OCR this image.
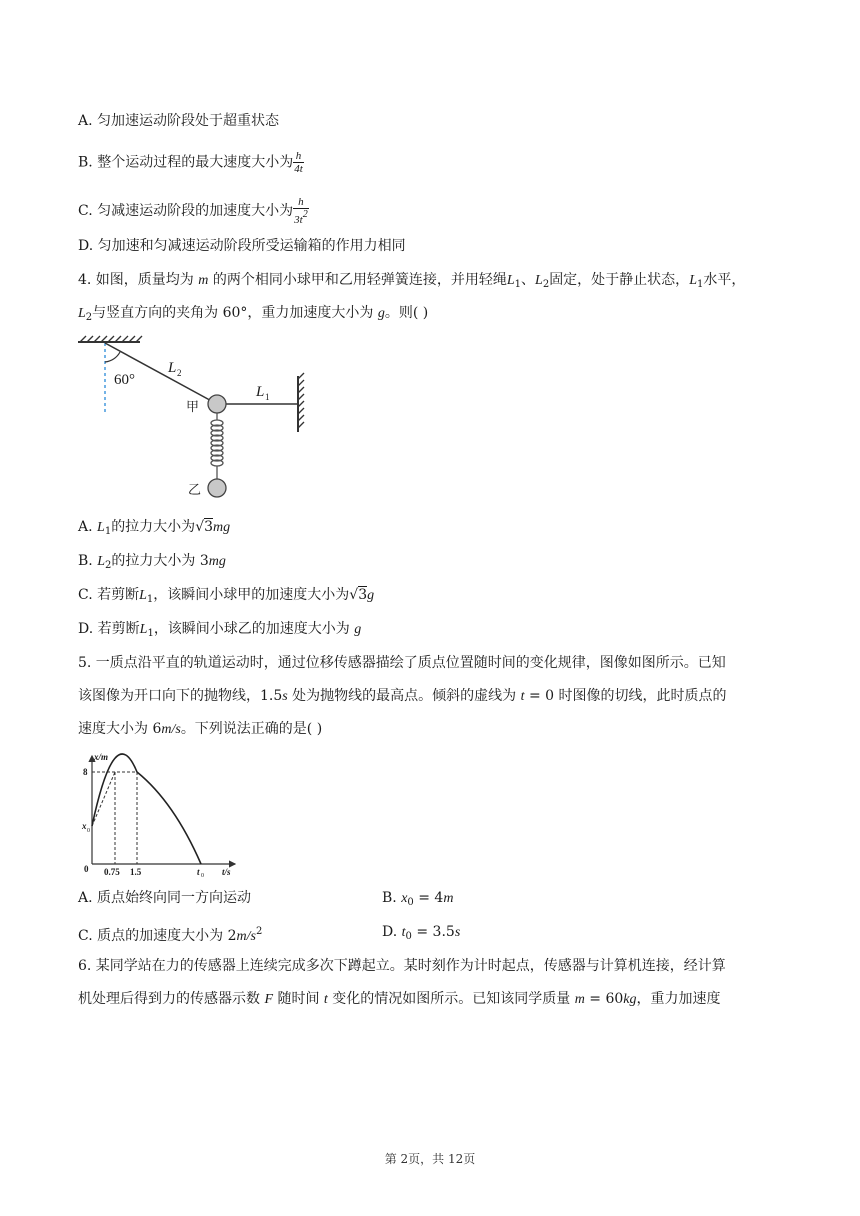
A. 匀加速运动阶段处于超重状态
B. 整个运动过程的最大速度大小为 $\frac{h}{4t}$
C. 匀减速运动阶段的加速度大小为 $\frac{h}{3t2}$
D. 匀加速和匀减速运动阶段所受运输箱的作用力相同
4. 如图，质量均为 m 的两个相同小球甲和乙用轻弹簧连接，并用轻绳$L_1$、$L_2$固定，处于静止状态，$L_1$水平，
$L_2$与竖直方向的夹角为 60°，重力加速度大小为 g。则( )
60°
L 2
L 1
甲
乙
A. $L_1$的拉力大小为√3mg
B. $L_2$的拉力大小为 3mg
C. 若剪断$L_1$，该瞬间小球甲的加速度大小为√3g
D. 若剪断$L_1$，该瞬间小球乙的加速度大小为 g
5. 一质点沿平直的轨道运动时，通过位移传感器描绘了质点位置随时间的变化规律，图像如图所示。已知
该图像为开口向下的抛物线，1.5s 处为抛物线的最高点。倾斜的虚线为 t = 0 时图像的切线，此时质点的
速度大小为 6m/s。下列说法正确的是( )
x/m
t/s
8
x 0
0 0.75 1.5	t 0
A. 质点始终向同一方向运动	B. $x_0 = 4m$
C. 质点的加速度大小为 $2m/s^2$	D. $t_0 = 3.5s$
6. 某同学站在力的传感器上连续完成多次下蹲起立。某时刻作为计时起点，传感器与计算机连接，经计算
机处理后得到力的传感器示数 F 随时间 t 变化的情况如图所示。已知该同学质量 m = 60kg，重力加速度
第 2页，共 12页
